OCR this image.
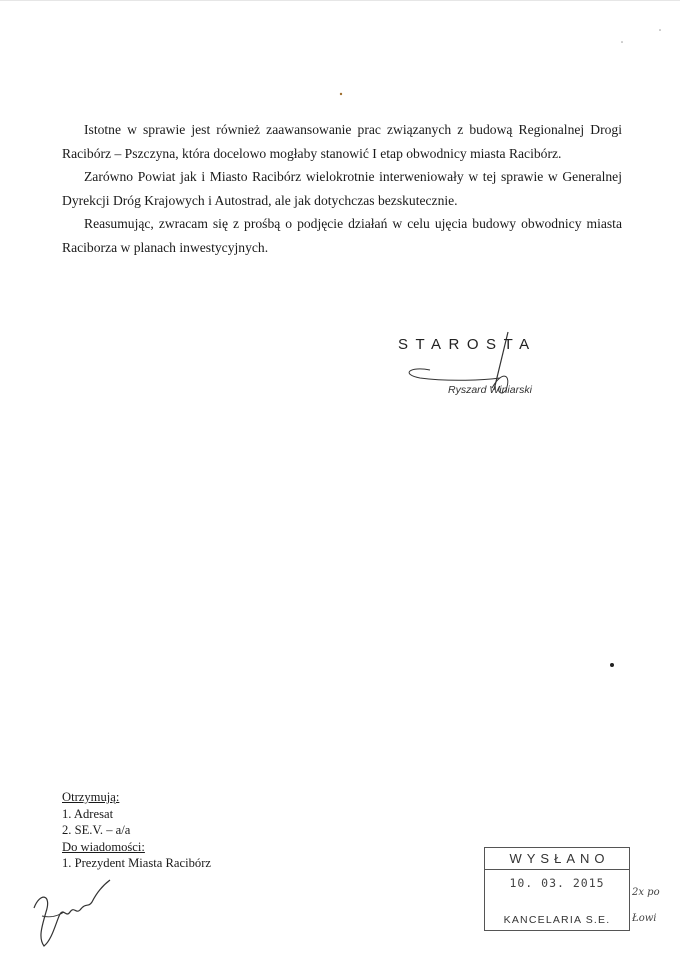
Istotne w sprawie jest również zaawansowanie prac związanych z budową Regionalnej Drogi Racibórz – Pszczyna, która docelowo mogłaby stanowić I etap obwodnicy miasta Racibórz.

Zarówno Powiat jak i Miasto Racibórz wielokrotnie interweniowały w tej sprawie w Generalnej Dyrekcji Dróg Krajowych i Autostrad, ale jak dotychczas bezskutecznie.

Reasumując, zwracam się z prośbą o podjęcie działań w celu ujęcia budowy obwodnicy miasta Raciborza w planach inwestycyjnych.

STAROSTA
Ryszard Winiarski
Otrzymują:
1. Adresat
2. SE.V. – a/a
Do wiadomości:
1. Prezydent Miasta Racibórz	WYSŁANO
10. 03. 2015
KANCELARIA S.E.
2x po
Łowi
